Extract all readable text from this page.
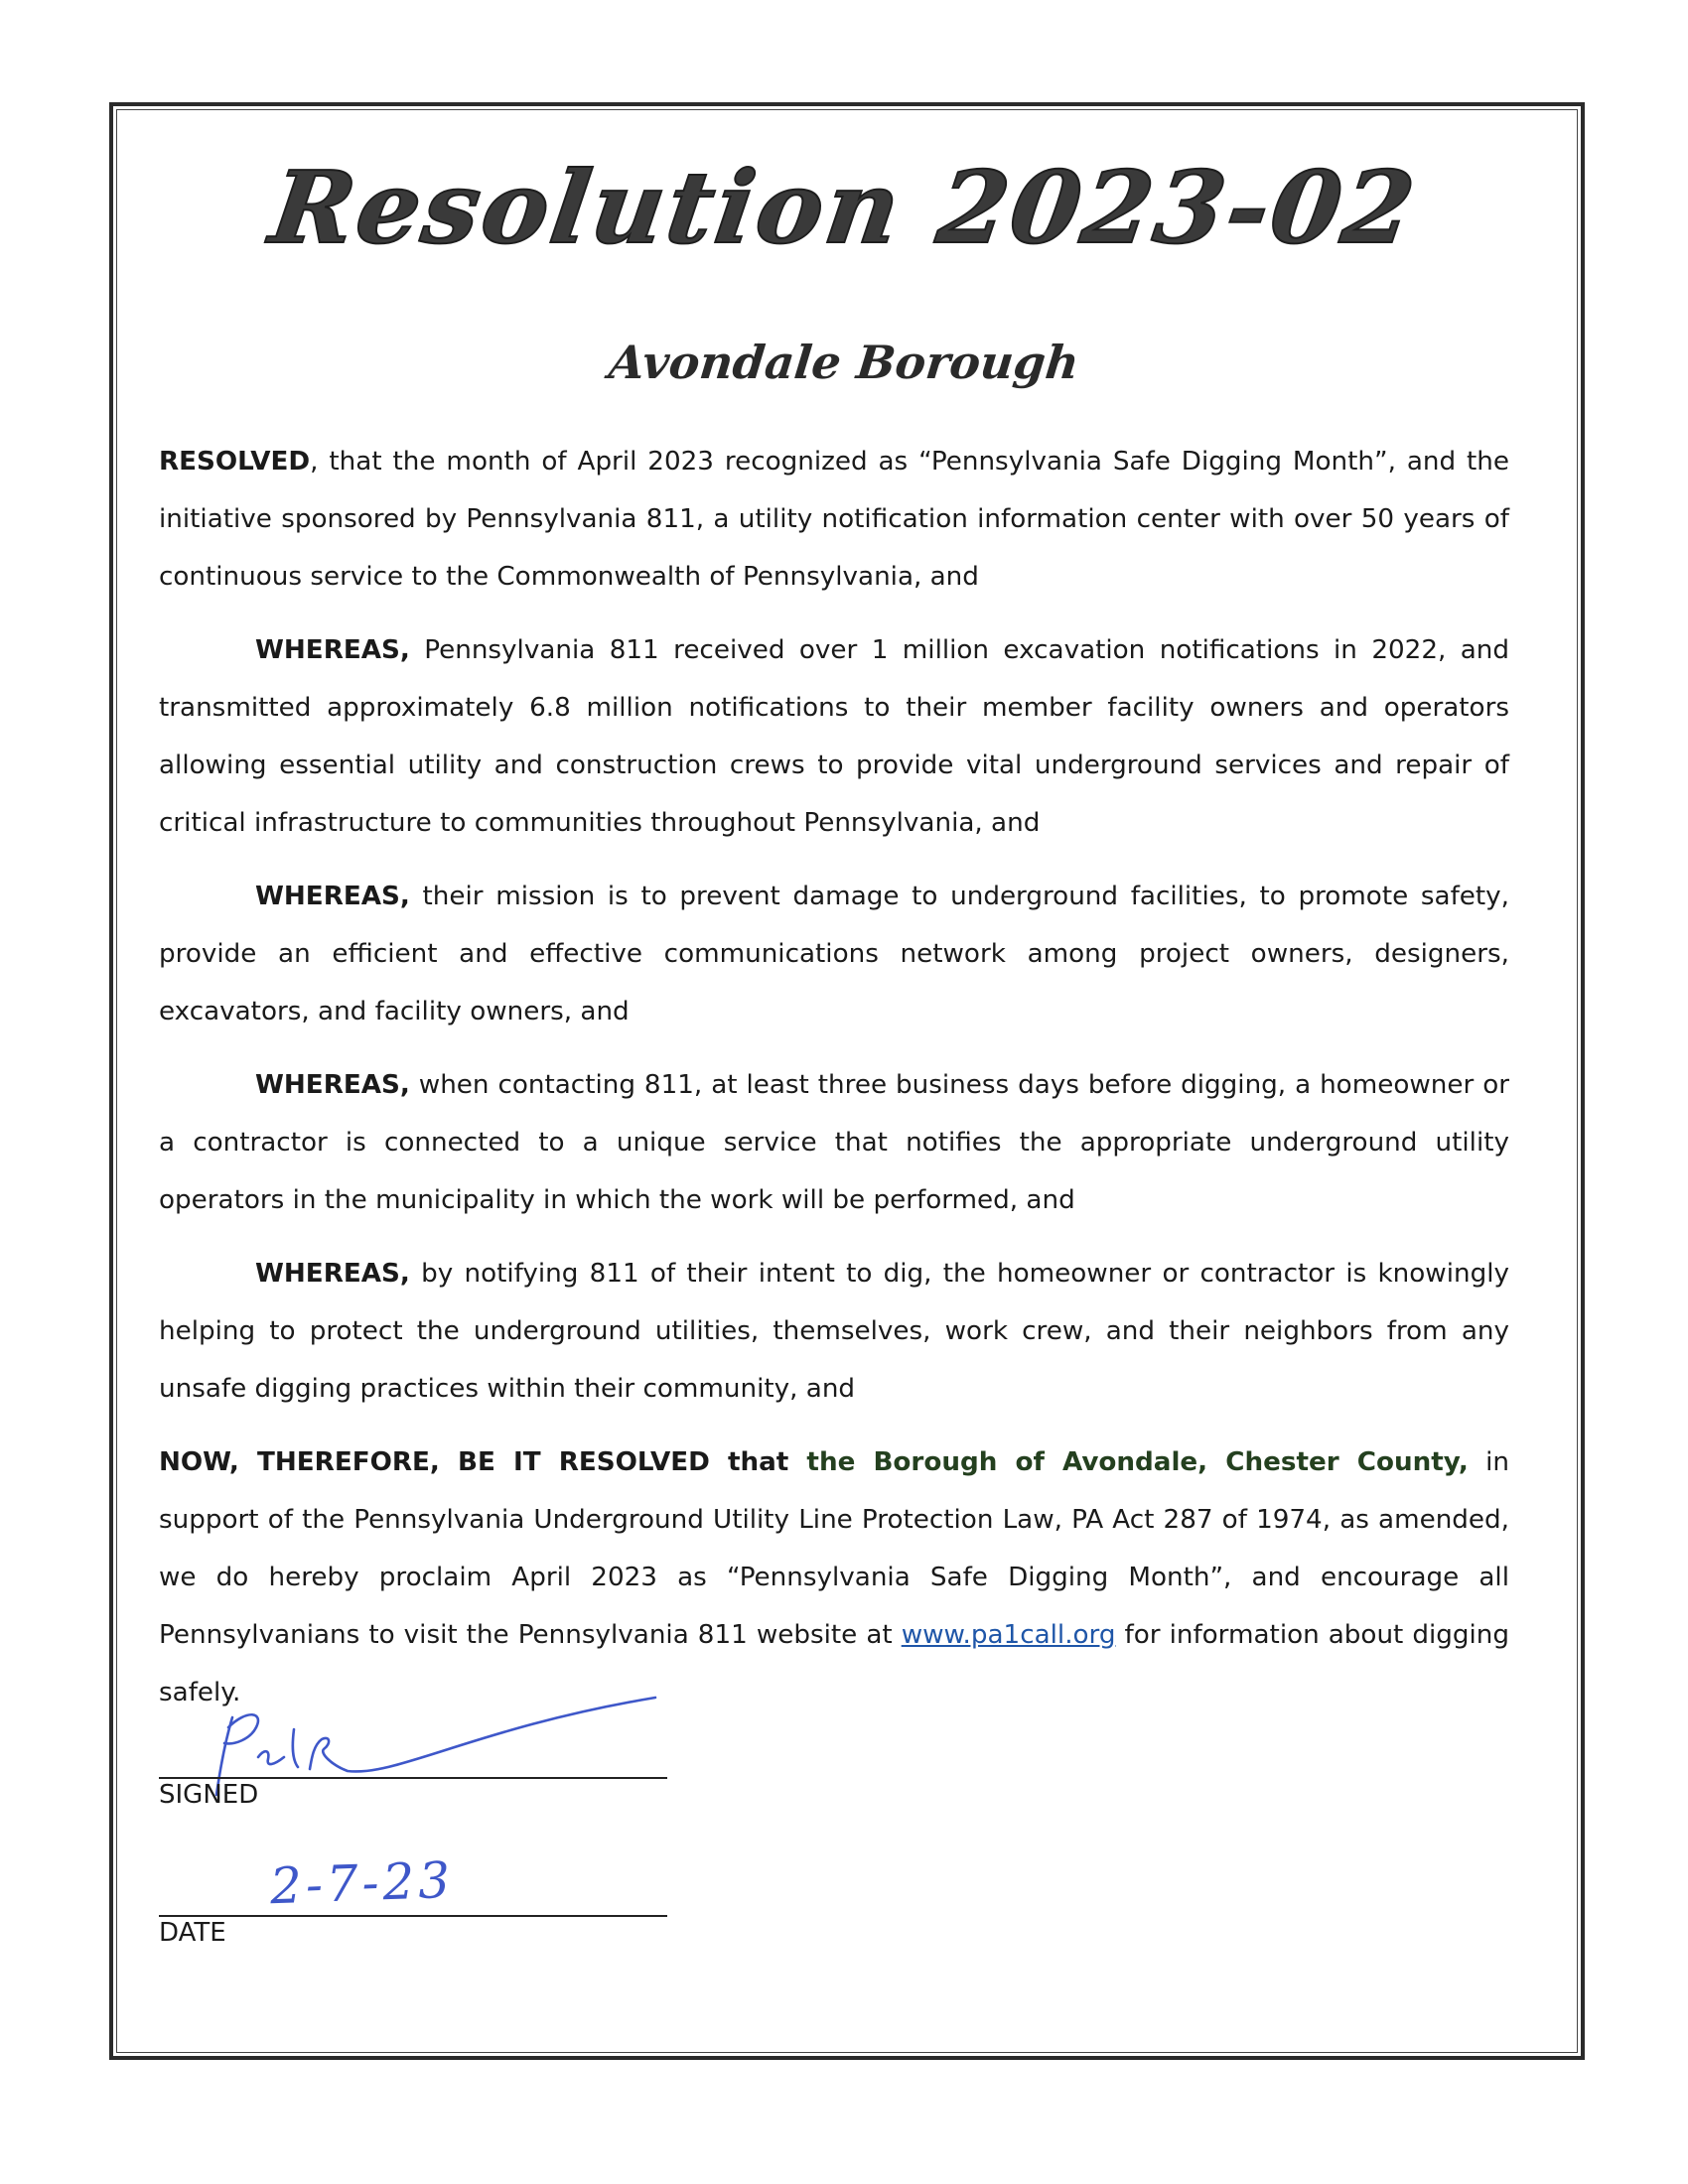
Resolution 2023-02
Avondale Borough

RESOLVED, that the month of April 2023 recognized as “Pennsylvania Safe Digging Month”, and the initiative sponsored by Pennsylvania 811, a utility notification information center with over 50 years of continuous service to the Commonwealth of Pennsylvania, and

WHEREAS, Pennsylvania 811 received over 1 million excavation notifications in 2022, and transmitted approximately 6.8 million notifications to their member facility owners and operators allowing essential utility and construction crews to provide vital underground services and repair of critical infrastructure to communities throughout Pennsylvania, and

WHEREAS, their mission is to prevent damage to underground facilities, to promote safety, provide an efficient and effective communications network among project owners, designers, excavators, and facility owners, and

WHEREAS, when contacting 811, at least three business days before digging, a homeowner or a contractor is connected to a unique service that notifies the appropriate underground utility operators in the municipality in which the work will be performed, and

WHEREAS, by notifying 811 of their intent to dig, the homeowner or contractor is knowingly helping to protect the underground utilities, themselves, work crew, and their neighbors from any unsafe digging practices within their community, and

NOW, THEREFORE, BE IT RESOLVED that the Borough of Avondale, Chester County, in support of the Pennsylvania Underground Utility Line Protection Law, PA Act 287 of 1974, as amended, we do hereby proclaim April 2023 as “Pennsylvania Safe Digging Month”, and encourage all Pennsylvanians to visit the Pennsylvania 811 website at www.pa1call.org for information about digging safely.

SIGNED
2-7-23
DATE
